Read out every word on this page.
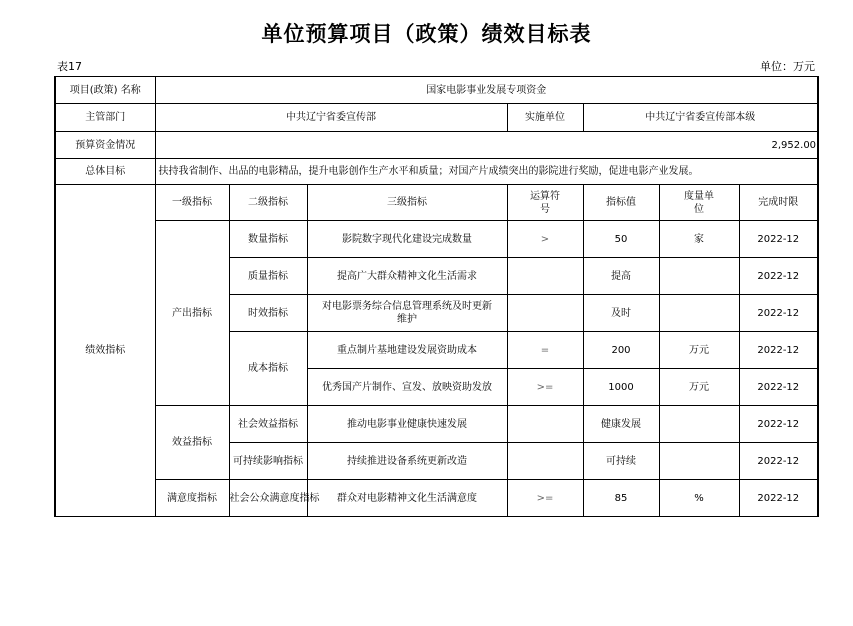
单位预算项目（政策）绩效目标表
表17	单位：万元
项目(政策) 名称	国家电影事业发展专项资金						
主管部门	中共辽宁省委宣传部			实施单位	中共辽宁省委宣传部本级		
预算资金情况	2,952.00						
总体目标	扶持我省制作、出品的电影精品，提升电影创作生产水平和质量；对国产片成绩突出的影院进行奖励，促进电影产业发展。						
绩效指标	一级指标	二级指标	三级指标	运算符号	指标值	度量单位	完成时限
	产出指标	数量指标	影院数字现代化建设完成数量	>	50	家	2022-12
		质量指标	提高广大群众精神文化生活需求		提高		2022-12
		时效指标	对电影票务综合信息管理系统及时更新维护		及时		2022-12
		成本指标	重点制片基地建设发展资助成本	=	200	万元	2022-12
			优秀国产片制作、宣发、放映资助发放	>=	1000	万元	2022-12
	效益指标	社会效益指标	推动电影事业健康快速发展		健康发展		2022-12
		可持续影响指标	持续推进设备系统更新改造		可持续		2022-12
	满意度指标	社会公众满意度指标	群众对电影精神文化生活满意度	>=	85	%	2022-12
